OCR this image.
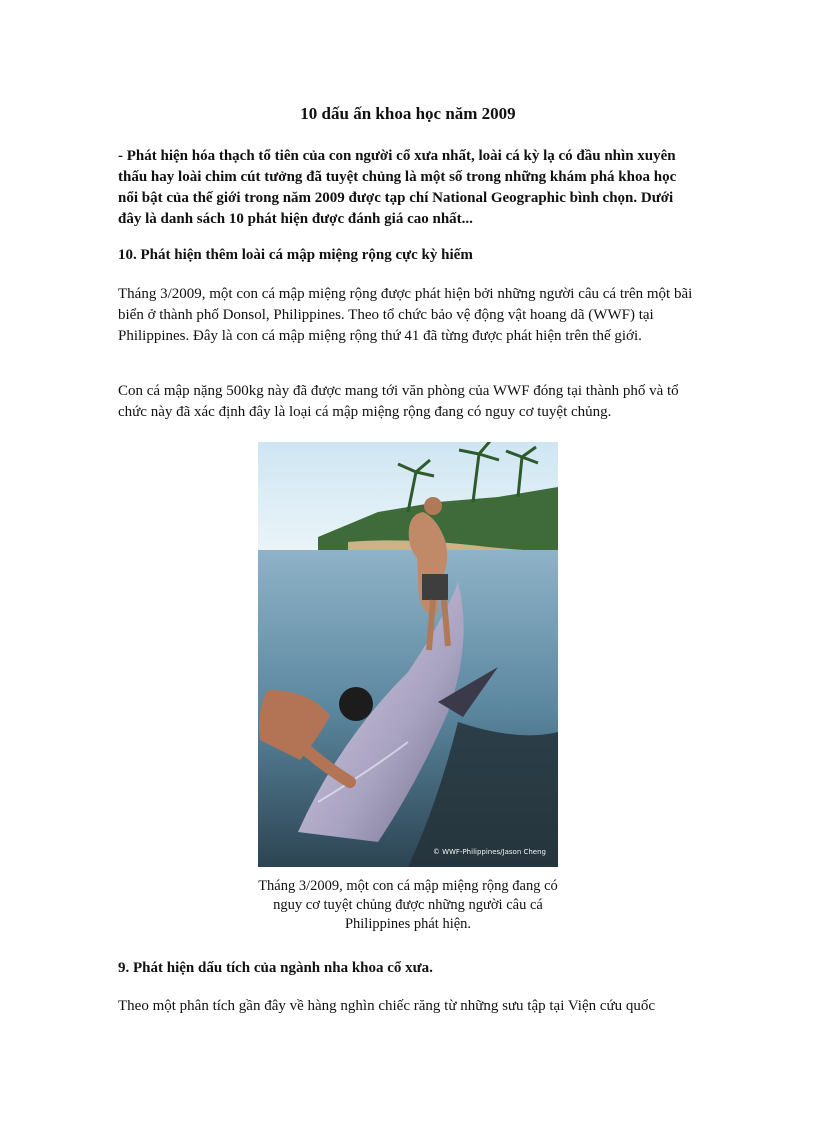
10 dấu ấn khoa học năm 2009

- Phát hiện hóa thạch tổ tiên của con người cổ xưa nhất, loài cá kỳ lạ có đầu nhìn xuyên thấu hay loài chim cút tưởng đã tuyệt chủng là một số trong những khám phá khoa học nổi bật của thế giới trong năm 2009 được tạp chí National Geographic bình chọn. Dưới đây là danh sách 10 phát hiện được đánh giá cao nhất...

10. Phát hiện thêm loài cá mập miệng rộng cực kỳ hiếm

Tháng 3/2009, một con cá mập miệng rộng được phát hiện bởi những người câu cá trên một bãi biển ở thành phố Donsol, Philippines. Theo tổ chức bảo vệ động vật hoang dã (WWF) tại Philippines. Đây là con cá mập miệng rộng thứ 41 đã từng được phát hiện trên thế giới.

Con cá mập nặng 500kg này đã được mang tới văn phòng của WWF đóng tại thành phố và tổ chức này đã xác định đây là loại cá mập miệng rộng đang có nguy cơ tuyệt chủng.

© WWF-Philippines/Jason Cheng

Tháng 3/2009, một con cá mập miệng rộng đang có nguy cơ tuyệt chủng được những người câu cá Philippines phát hiện.

9. Phát hiện dấu tích của ngành nha khoa cổ xưa.

Theo một phân tích gần đây về hàng nghìn chiếc răng từ những sưu tập tại Viện cứu quốc
